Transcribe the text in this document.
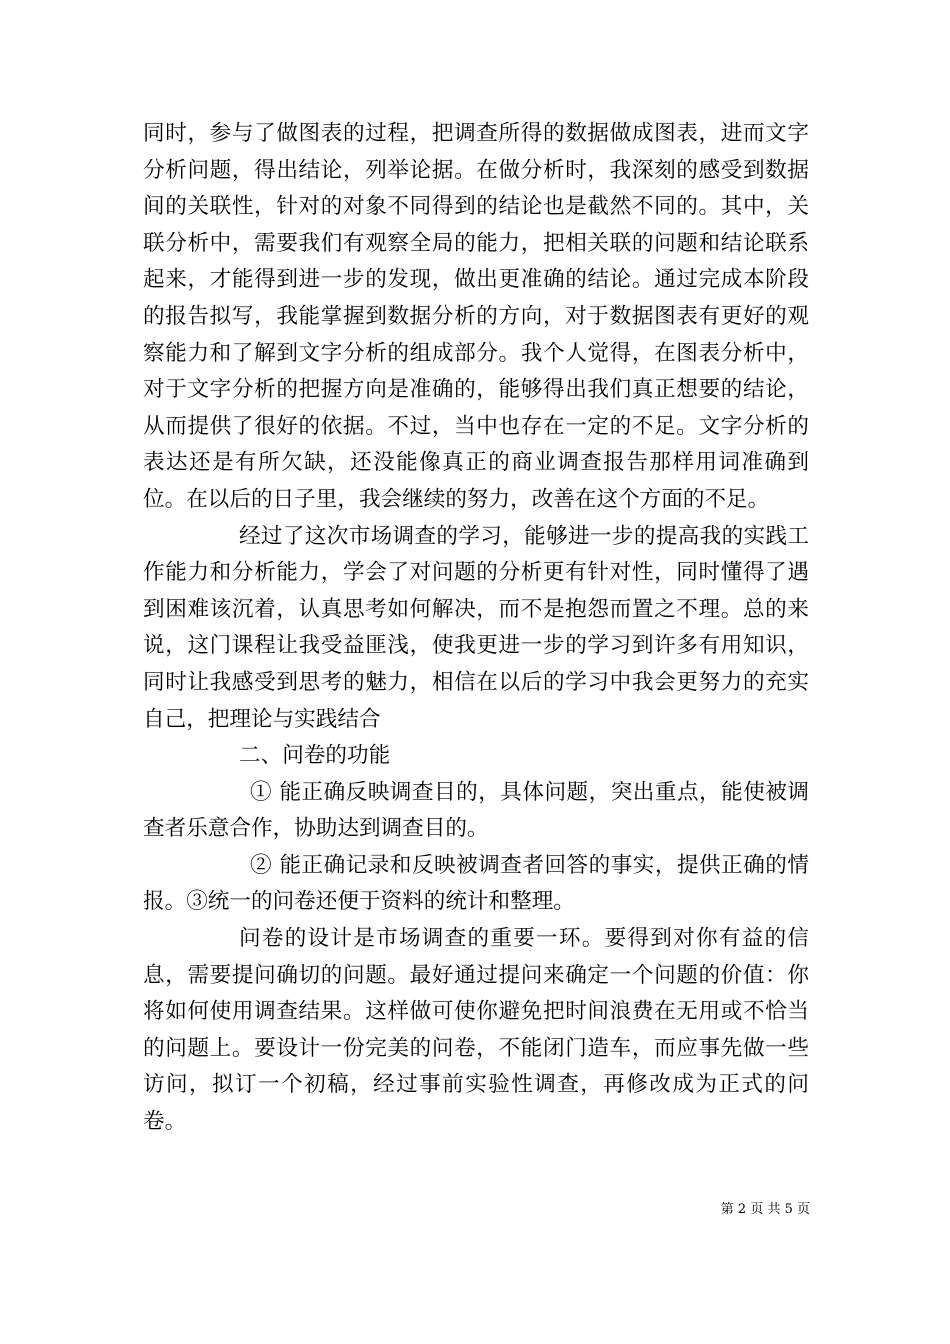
同时，参与了做图表的过程，把调查所得的数据做成图表，进而文字分析问题，得出结论，列举论据。在做分析时，我深刻的感受到数据间的关联性，针对的对象不同得到的结论也是截然不同的。其中，关联分析中，需要我们有观察全局的能力，把相关联的问题和结论联系起来，才能得到进一步的发现，做出更准确的结论。通过完成本阶段的报告拟写，我能掌握到数据分析的方向，对于数据图表有更好的观察能力和了解到文字分析的组成部分。我个人觉得，在图表分析中，对于文字分析的把握方向是准确的，能够得出我们真正想要的结论，从而提供了很好的依据。不过，当中也存在一定的不足。文字分析的表达还是有所欠缺，还没能像真正的商业调查报告那样用词准确到位。在以后的日子里，我会继续的努力，改善在这个方面的不足。

经过了这次市场调查的学习，能够进一步的提高我的实践工作能力和分析能力，学会了对问题的分析更有针对性，同时懂得了遇到困难该沉着，认真思考如何解决，而不是抱怨而置之不理。总的来说，这门课程让我受益匪浅，使我更进一步的学习到许多有用知识，同时让我感受到思考的魅力，相信在以后的学习中我会更努力的充实自己，把理论与实践结合

二、问卷的功能

① 能正确反映调查目的，具体问题，突出重点，能使被调查者乐意合作，协助达到调查目的。

② 能正确记录和反映被调查者回答的事实，提供正确的情报。③统一的问卷还便于资料的统计和整理。

问卷的设计是市场调查的重要一环。要得到对你有益的信息，需要提问确切的问题。最好通过提问来确定一个问题的价值：你将如何使用调查结果。这样做可使你避免把时间浪费在无用或不恰当的问题上。要设计一份完美的问卷，不能闭门造车，而应事先做一些访问，拟订一个初稿，经过事前实验性调查，再修改成为正式的问卷。

第 2 页 共 5 页
